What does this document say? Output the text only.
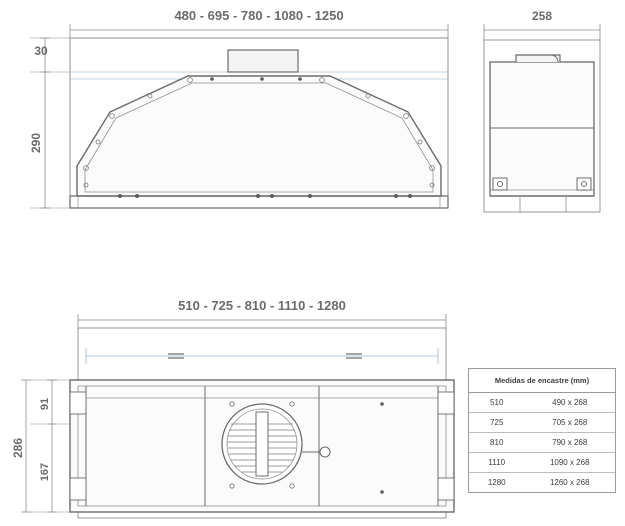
480 - 695 - 780 - 1080 - 1250
30
290
258
510 - 725 - 810 - 1110 - 1280
286
91
167
Medidas de encastre (mm)	
510	490 x 268
725	705 x 268
810	790 x 268
1110	1090 x 268
1280	1260 x 268
